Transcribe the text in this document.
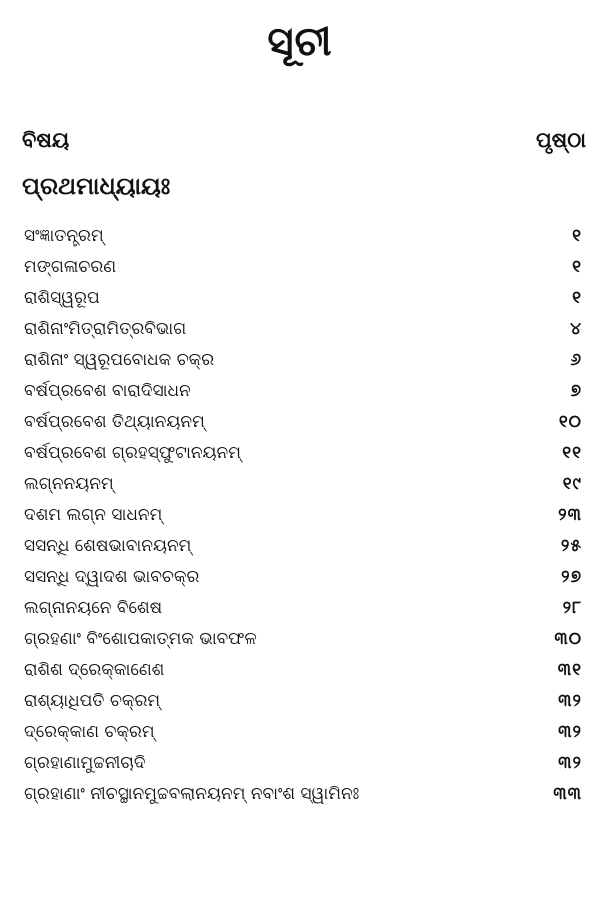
ସୂଚୀ
ବିଷୟ	ପୃଷ୍ଠା
ପ୍ରଥମାଧ୍ୟାୟଃ
ସଂଜ୍ଞାତନ୍ତ୍ରମ୍	୧
ମଙ୍ଗଳାଚରଣ	୧
ରାଶିସ୍ୱରୂପ	୧
ରାଶିନାଂମିତ୍ରାମିତ୍ରବିଭାଗ	୪
ରାଶିନାଂ ସ୍ୱରୂପବୋଧକ ଚକ୍ର	୬
ବର୍ଷପ୍ରବେଶ ବାରାଦିସାଧନ	୭
ବର୍ଷପ୍ରବେଶ ତିଥ୍ୟାନୟନମ୍	୧୦
ବର୍ଷପ୍ରବେଶ ଗ୍ରହସ୍ଫୁଟାନୟନମ୍	୧୧
ଲଗ୍ନନୟନମ୍	୧୯
ଦଶମ ଲଗ୍ନ ସାଧନମ୍	୨୩
ସସନ୍ଧି ଶେଷଭାବାନୟନମ୍	୨୫
ସସନ୍ଧି ଦ୍ୱାଦଶ ଭାବଚକ୍ର	୨୭
ଲଗ୍ନାନୟନେ ବିଶେଷ	୨୮
ଗ୍ରହଣାଂ ବିଂଶୋପକାତ୍ମକ ଭାବଫଳ	୩୦
ରାଶିଶ ଦ୍ରେକ୍‌କାଣେଶ	୩୧
ରାଶ୍ୟାଧିପତି ଚକ୍ରମ୍	୩୨
ଦ୍ରେକ୍‌କାଣ ଚକ୍ରମ୍	୩୨
ଗ୍ରହାଣାମୁଚ୍ଚନୀଚାଦି	୩୨
ଗ୍ରହାଣାଂ ନୀଚସ୍ଥାନମୁଚ୍ଚବଲାନୟନମ୍ ନବାଂଶ ସ୍ୱାମିନଃ	୩୩
